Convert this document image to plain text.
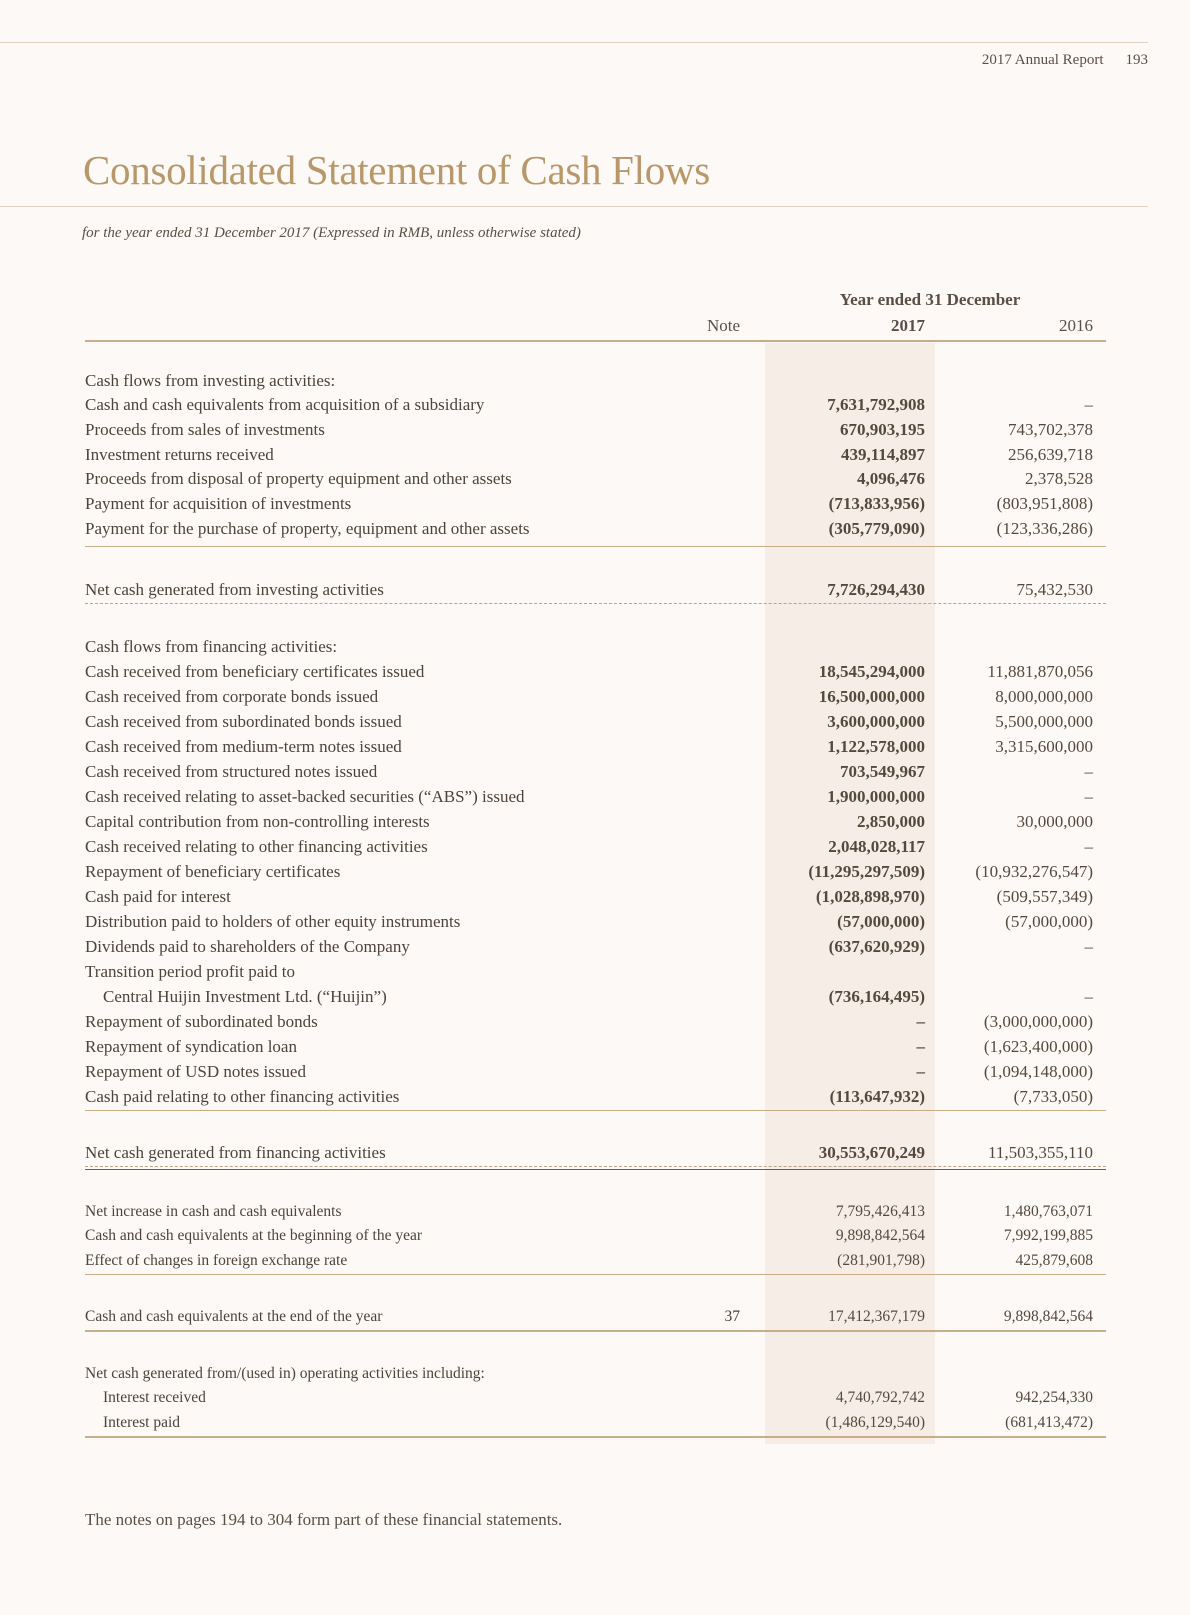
2017 Annual Report 193
Consolidated Statement of Cash Flows
for the year ended 31 December 2017 (Expressed in RMB, unless otherwise stated)
Year ended 31 December
Note	2017	2016
Cash flows from investing activities:
Cash and cash equivalents from acquisition of a subsidiary	7,631,792,908	–
Proceeds from sales of investments	670,903,195	743,702,378
Investment returns received	439,114,897	256,639,718
Proceeds from disposal of property equipment and other assets	4,096,476	2,378,528
Payment for acquisition of investments	(713,833,956)	(803,951,808)
Payment for the purchase of property, equipment and other assets	(305,779,090)	(123,336,286)
Net cash generated from investing activities	7,726,294,430	75,432,530
Cash flows from financing activities:
Cash received from beneficiary certificates issued	18,545,294,000	11,881,870,056
Cash received from corporate bonds issued	16,500,000,000	8,000,000,000
Cash received from subordinated bonds issued	3,600,000,000	5,500,000,000
Cash received from medium-term notes issued	1,122,578,000	3,315,600,000
Cash received from structured notes issued	703,549,967	–
Cash received relating to asset-backed securities (“ABS”) issued	1,900,000,000	–
Capital contribution from non-controlling interests	2,850,000	30,000,000
Cash received relating to other financing activities	2,048,028,117	–
Repayment of beneficiary certificates	(11,295,297,509)	(10,932,276,547)
Cash paid for interest	(1,028,898,970)	(509,557,349)
Distribution paid to holders of other equity instruments	(57,000,000)	(57,000,000)
Dividends paid to shareholders of the Company	(637,620,929)	–
Transition period profit paid to
Central Huijin Investment Ltd. (“Huijin”)	(736,164,495)	–
Repayment of subordinated bonds	–	(3,000,000,000)
Repayment of syndication loan	–	(1,623,400,000)
Repayment of USD notes issued	–	(1,094,148,000)
Cash paid relating to other financing activities	(113,647,932)	(7,733,050)
Net cash generated from financing activities	30,553,670,249	11,503,355,110
Net increase in cash and cash equivalents	7,795,426,413	1,480,763,071
Cash and cash equivalents at the beginning of the year	9,898,842,564	7,992,199,885
Effect of changes in foreign exchange rate	(281,901,798)	425,879,608
Cash and cash equivalents at the end of the year	37	17,412,367,179	9,898,842,564
Net cash generated from/(used in) operating activities including:
Interest received	4,740,792,742	942,254,330
Interest paid	(1,486,129,540)	(681,413,472)
The notes on pages 194 to 304 form part of these financial statements.
